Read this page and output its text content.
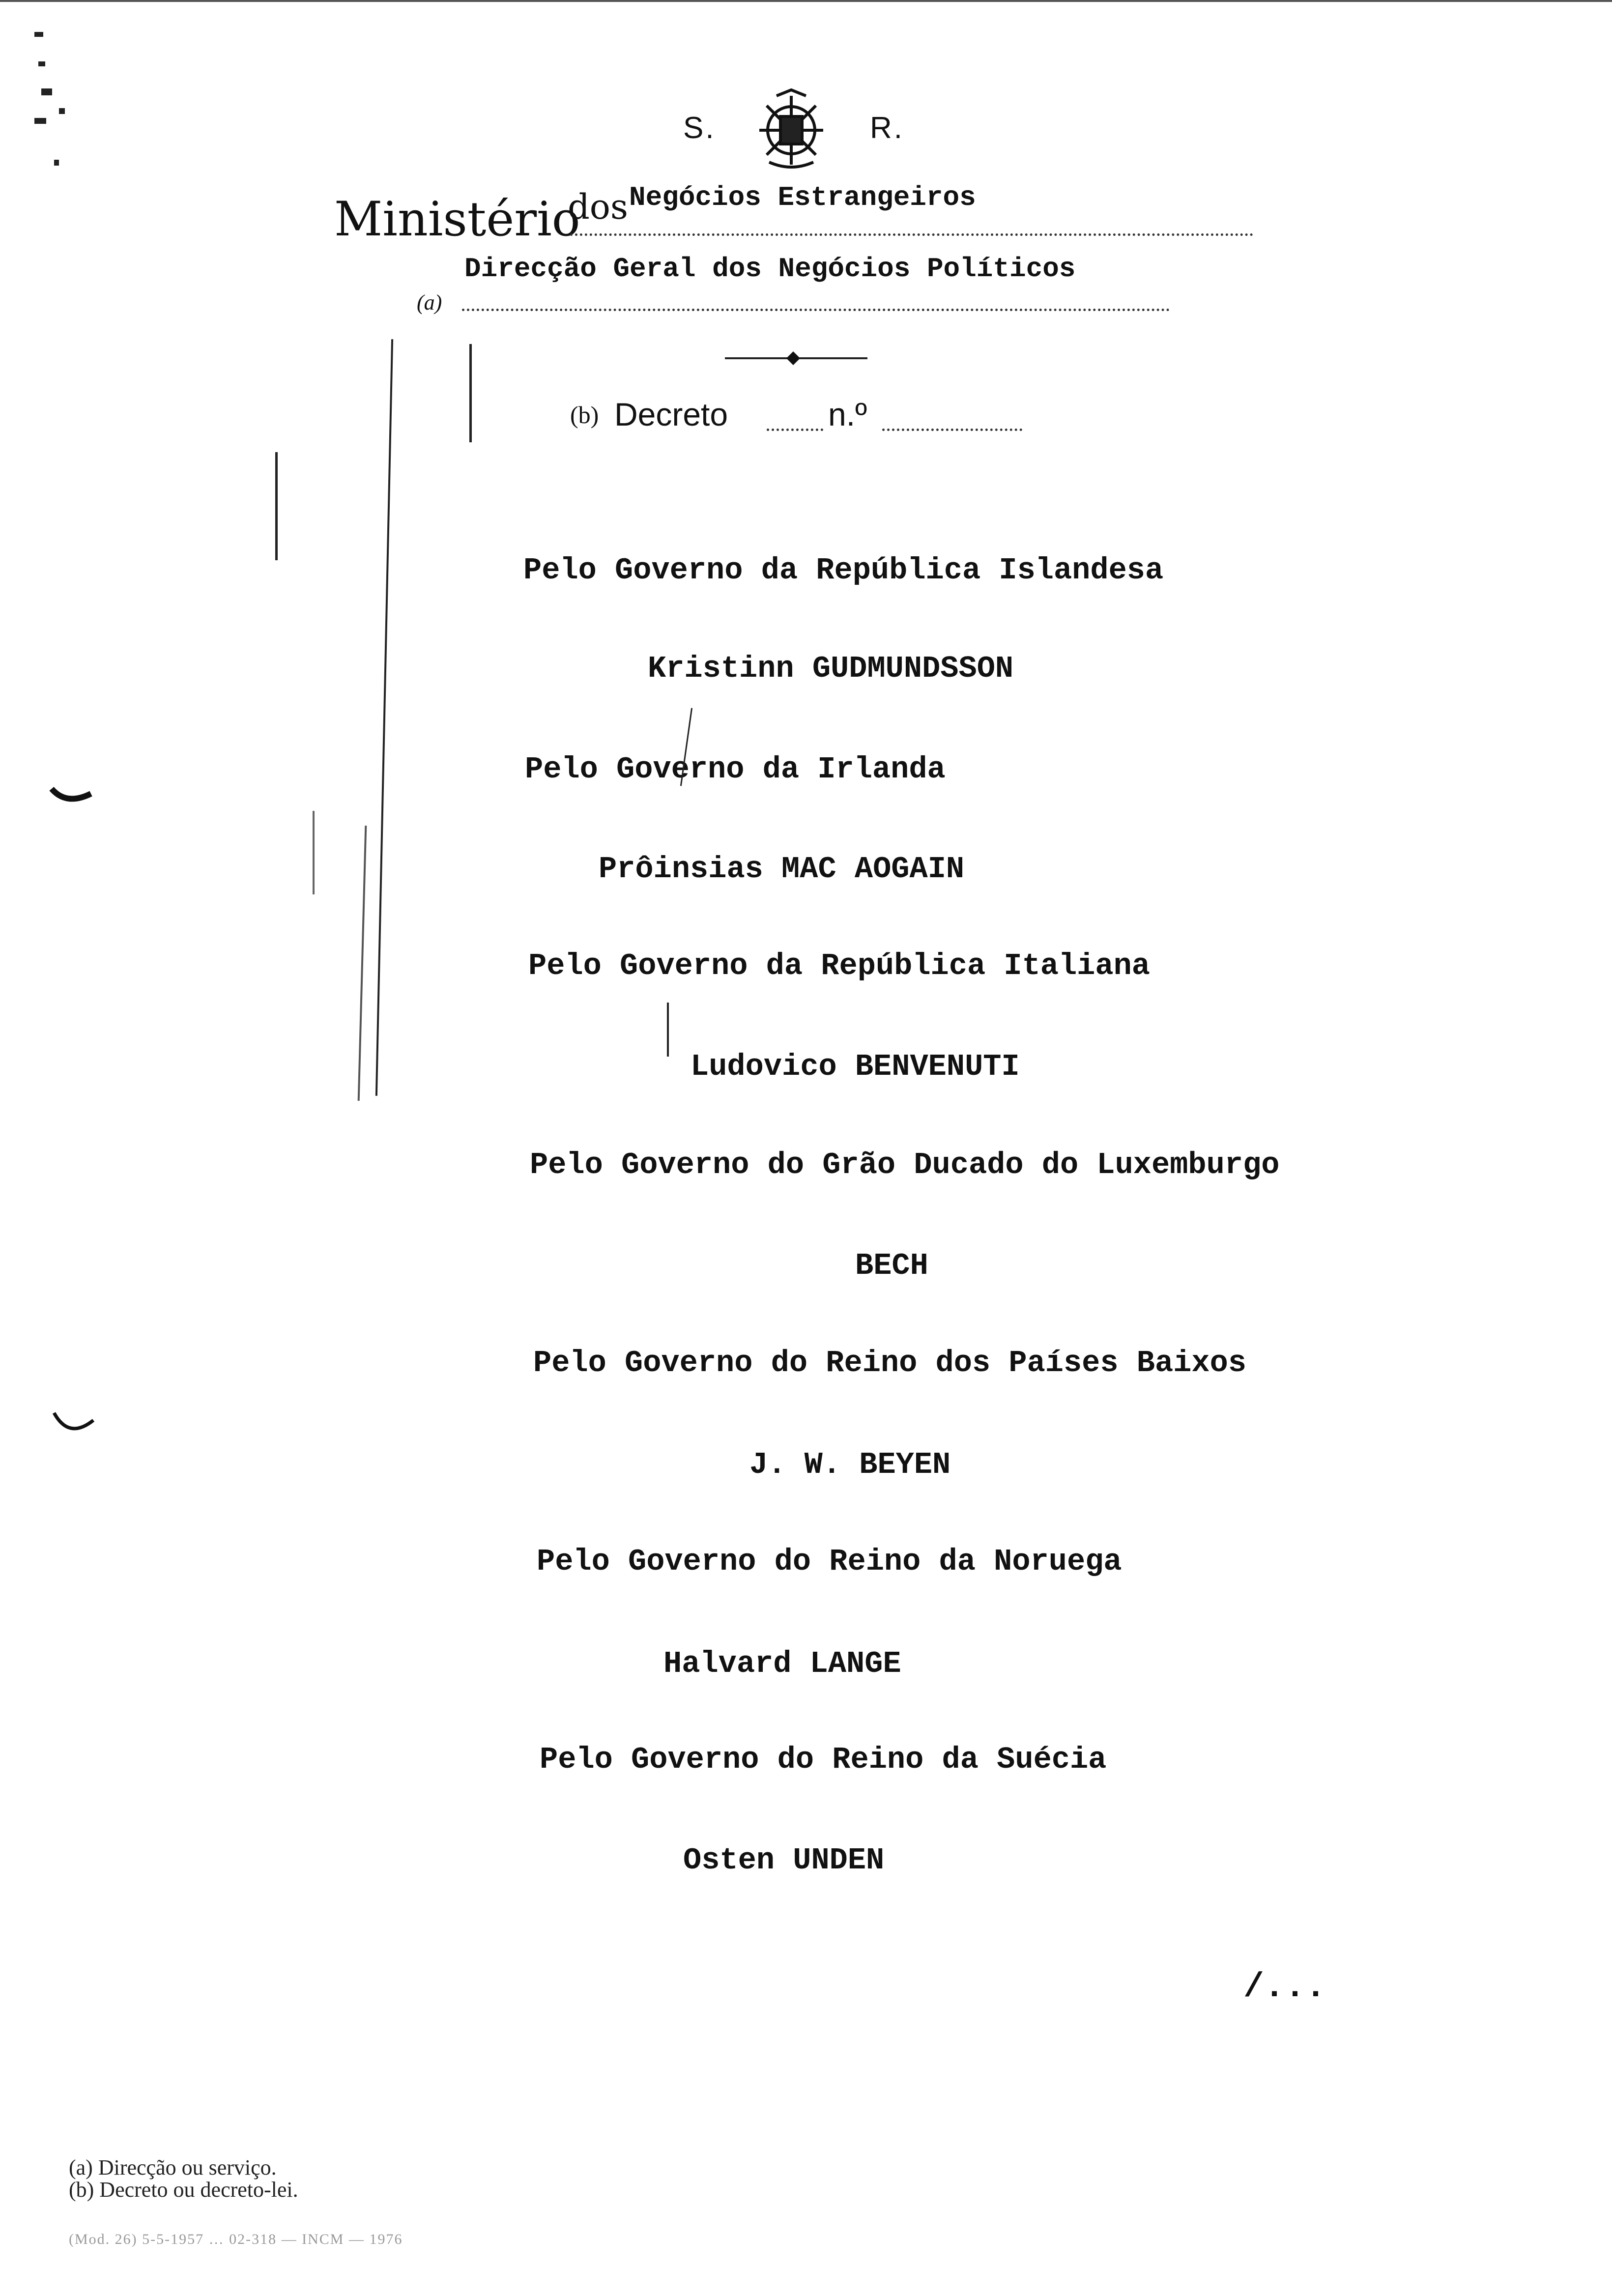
S.	R.
Ministério
dos Negócios Estrangeiros
(a)
Direcção Geral dos Negócios Políticos
(b) Decreto	n.º
Pelo Governo da República Islandesa
Kristinn GUDMUNDSSON
Pelo Governo da Irlanda
Prôinsias MAC AOGAIN
Pelo Governo da República Italiana
Ludovico BENVENUTI
Pelo Governo do Grão Ducado do Luxemburgo
BECH
Pelo Governo do Reino dos Países Baixos
J. W. BEYEN
Pelo Governo do Reino da Noruega
Halvard LANGE
Pelo Governo do Reino da Suécia
Osten UNDEN
/...
(a) Direcção ou serviço.
(b) Decreto ou decreto-lei.
(Mod. 26) 5-5-1957 … 02-318 — INCM — 1976
